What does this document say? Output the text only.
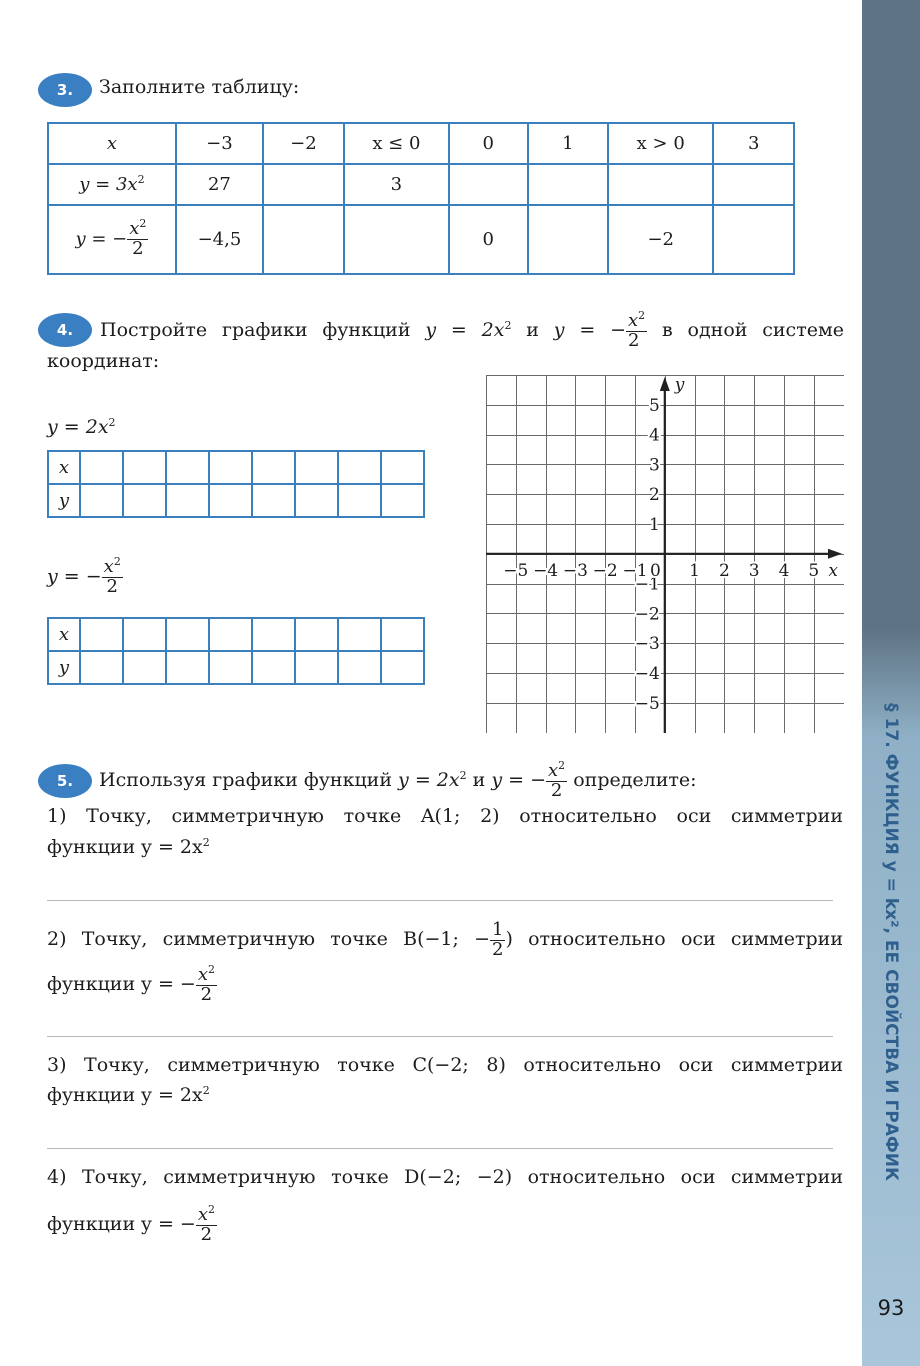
§ 17. ФУНКЦИЯ y = kx², ЕЕ СВОЙСТВА И ГРАФИК
93
3.	Заполните таблицу:
x	−3	−2	x ≤ 0	0	1	x > 0	3
$y = 3x^2$	27		3				
y = − $\frac{x^2}{2}$	−4,5			0		−2	
4.	Постройте графики функций $y = 2x^2$ и y = − $\frac{x^2}{2}$ в одной системе
координат:
$y = 2x^2$
x								
y								
y = − $\frac{x^2}{2}$
x								
y								
−5 −4 −3 −2 −1 1 2 3 4 5
1
2
3
4
5
−1
−2
−3
−4
−5
0	x
y
5.	Используя графики функций $y = 2x^2$ и y = − $\frac{x^2}{2}$ определите:
1) Точку, симметричную точке A(1; 2) относительно оси симметрии
функции $y = 2x^2$
2) Точку, симметричную точке B(−1; − $\frac{1}{2}$ ) относительно оси симметрии
функции y = − $\frac{x^2}{2}$
3) Точку, симметричную точке C(−2; 8) относительно оси симметрии
функции $y = 2x^2$
4) Точку, симметричную точке D(−2; −2) относительно оси симметрии
функции y = − $\frac{x^2}{2}$
